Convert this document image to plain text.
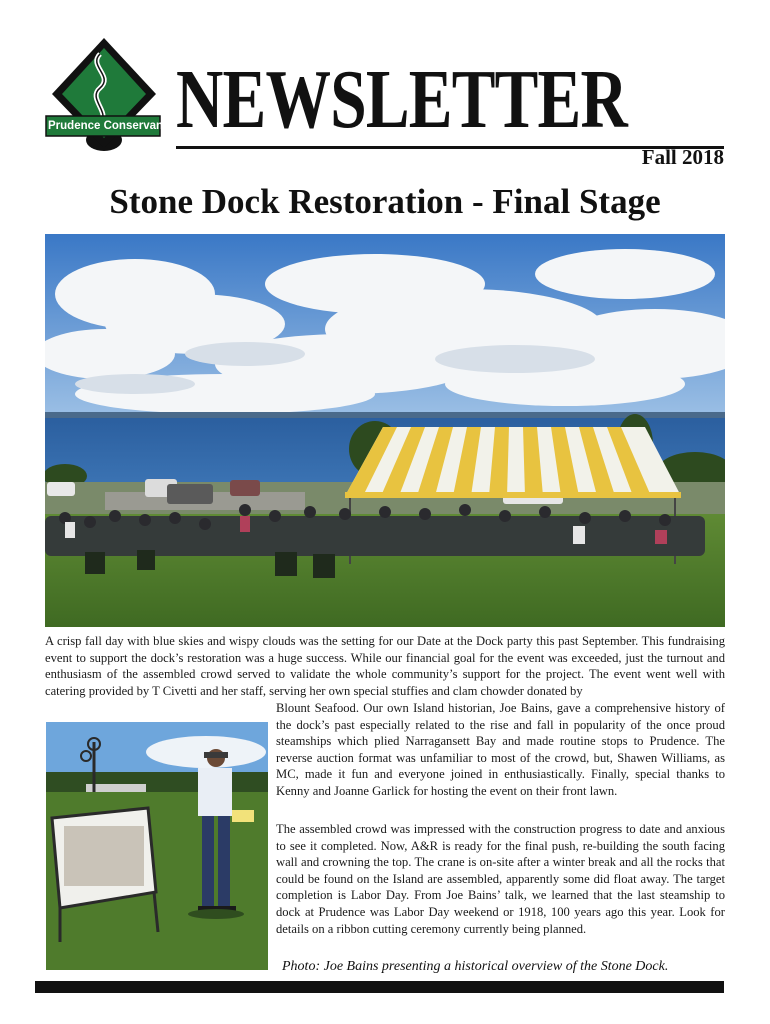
Prudence Conservancy NEWSLETTER
Fall 2018
Stone Dock Restoration - Final Stage

A crisp fall day with blue skies and wispy clouds was the setting for our Date at the Dock party this past September. This fundraising event to support the dock’s restoration was a huge success. While our financial goal for the event was exceeded, just the turnout and enthusiasm of the assembled crowd served to validate the whole community’s support for the project. The event went well with catering provided by T Civetti and her staff, serving her own special stuffies and clam chowder donated by

Blount Seafood. Our own Island historian, Joe Bains, gave a comprehensive history of the dock’s past especially related to the rise and fall in popularity of the once proud steamships which plied Narragansett Bay and made routine stops to Prudence. The reverse auction format was unfamiliar to most of the crowd, but, Shawen Williams, as MC, made it fun and everyone joined in enthusiastically. Finally, special thanks to Kenny and Joanne Garlick for hosting the event on their front lawn.

The assembled crowd was impressed with the construction progress to date and anxious to see it completed. Now, A&R is ready for the final push, re-building the south facing wall and crowning the top. The crane is on-site after a winter break and all the rocks that could be found on the Island are assembled, apparently some did float away. The target completion is Labor Day. From Joe Bains’ talk, we learned that the last steamship to dock at Prudence was Labor Day weekend or 1918, 100 years ago this year. Look for details on a ribbon cutting ceremony currently being planned.

Photo: Joe Bains presenting a historical overview of the Stone Dock.
